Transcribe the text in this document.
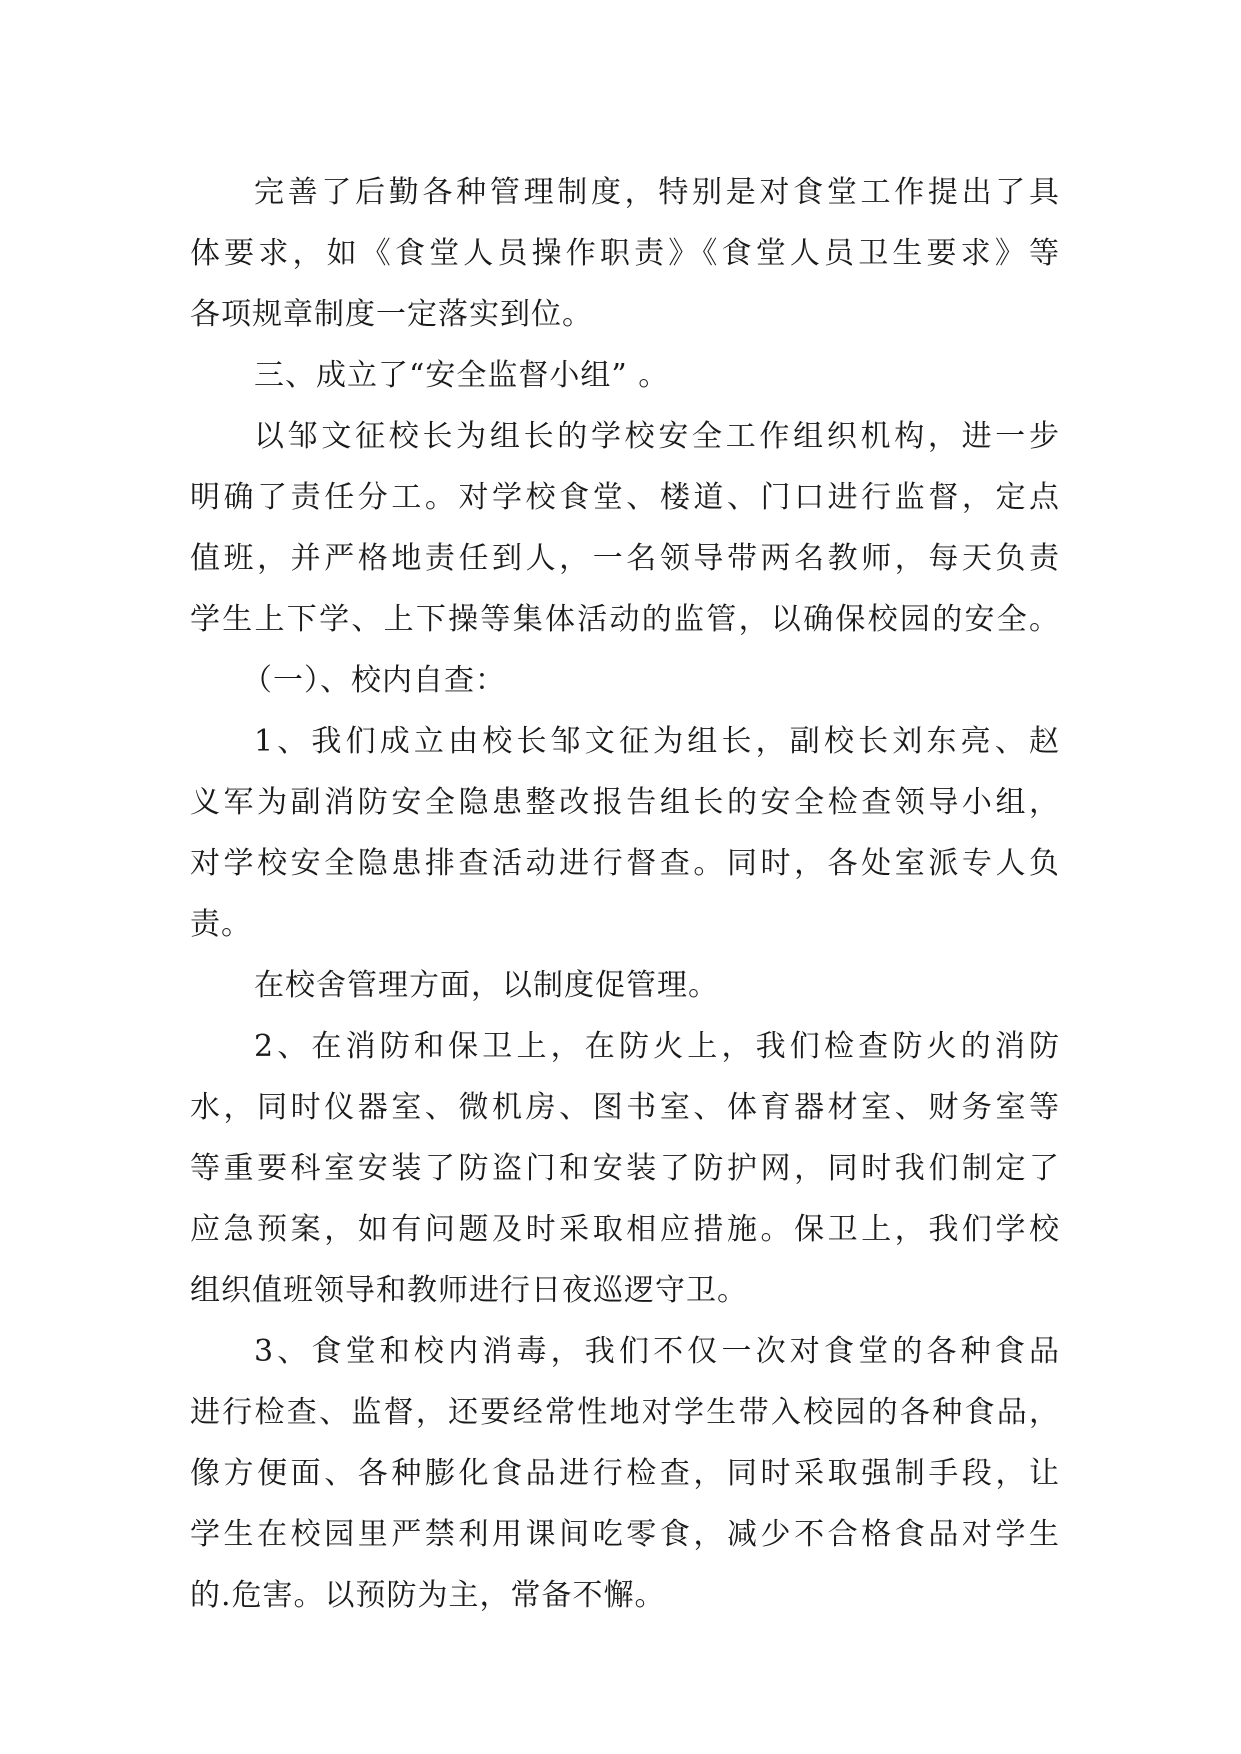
完善了后勤各种管理制度，特别是对食堂工作提出了具
体要求，如《食堂人员操作职责》《食堂人员卫生要求》等
各项规章制度一定落实到位。
三、成立了“安全监督小组” 。
以邹文征校长为组长的学校安全工作组织机构，进一步
明确了责任分工。对学校食堂、楼道、门口进行监督，定点
值班，并严格地责任到人，一名领导带两名教师，每天负责
学生上下学、上下操等集体活动的监管，以确保校园的安全。
（一）、校内自查：
1、我们成立由校长邹文征为组长，副校长刘东亮、赵
义军为副消防安全隐患整改报告组长的安全检查领导小组，
对学校安全隐患排查活动进行督查。同时，各处室派专人负
责。
在校舍管理方面，以制度促管理。
2、在消防和保卫上，在防火上，我们检查防火的消防
水，同时仪器室、微机房、图书室、体育器材室、财务室等
等重要科室安装了防盗门和安装了防护网，同时我们制定了
应急预案，如有问题及时采取相应措施。保卫上，我们学校
组织值班领导和教师进行日夜巡逻守卫。
3、食堂和校内消毒，我们不仅一次对食堂的各种食品
进行检查、监督，还要经常性地对学生带入校园的各种食品，
像方便面、各种膨化食品进行检查，同时采取强制手段，让
学生在校园里严禁利用课间吃零食，减少不合格食品对学生
的.危害。以预防为主，常备不懈。
